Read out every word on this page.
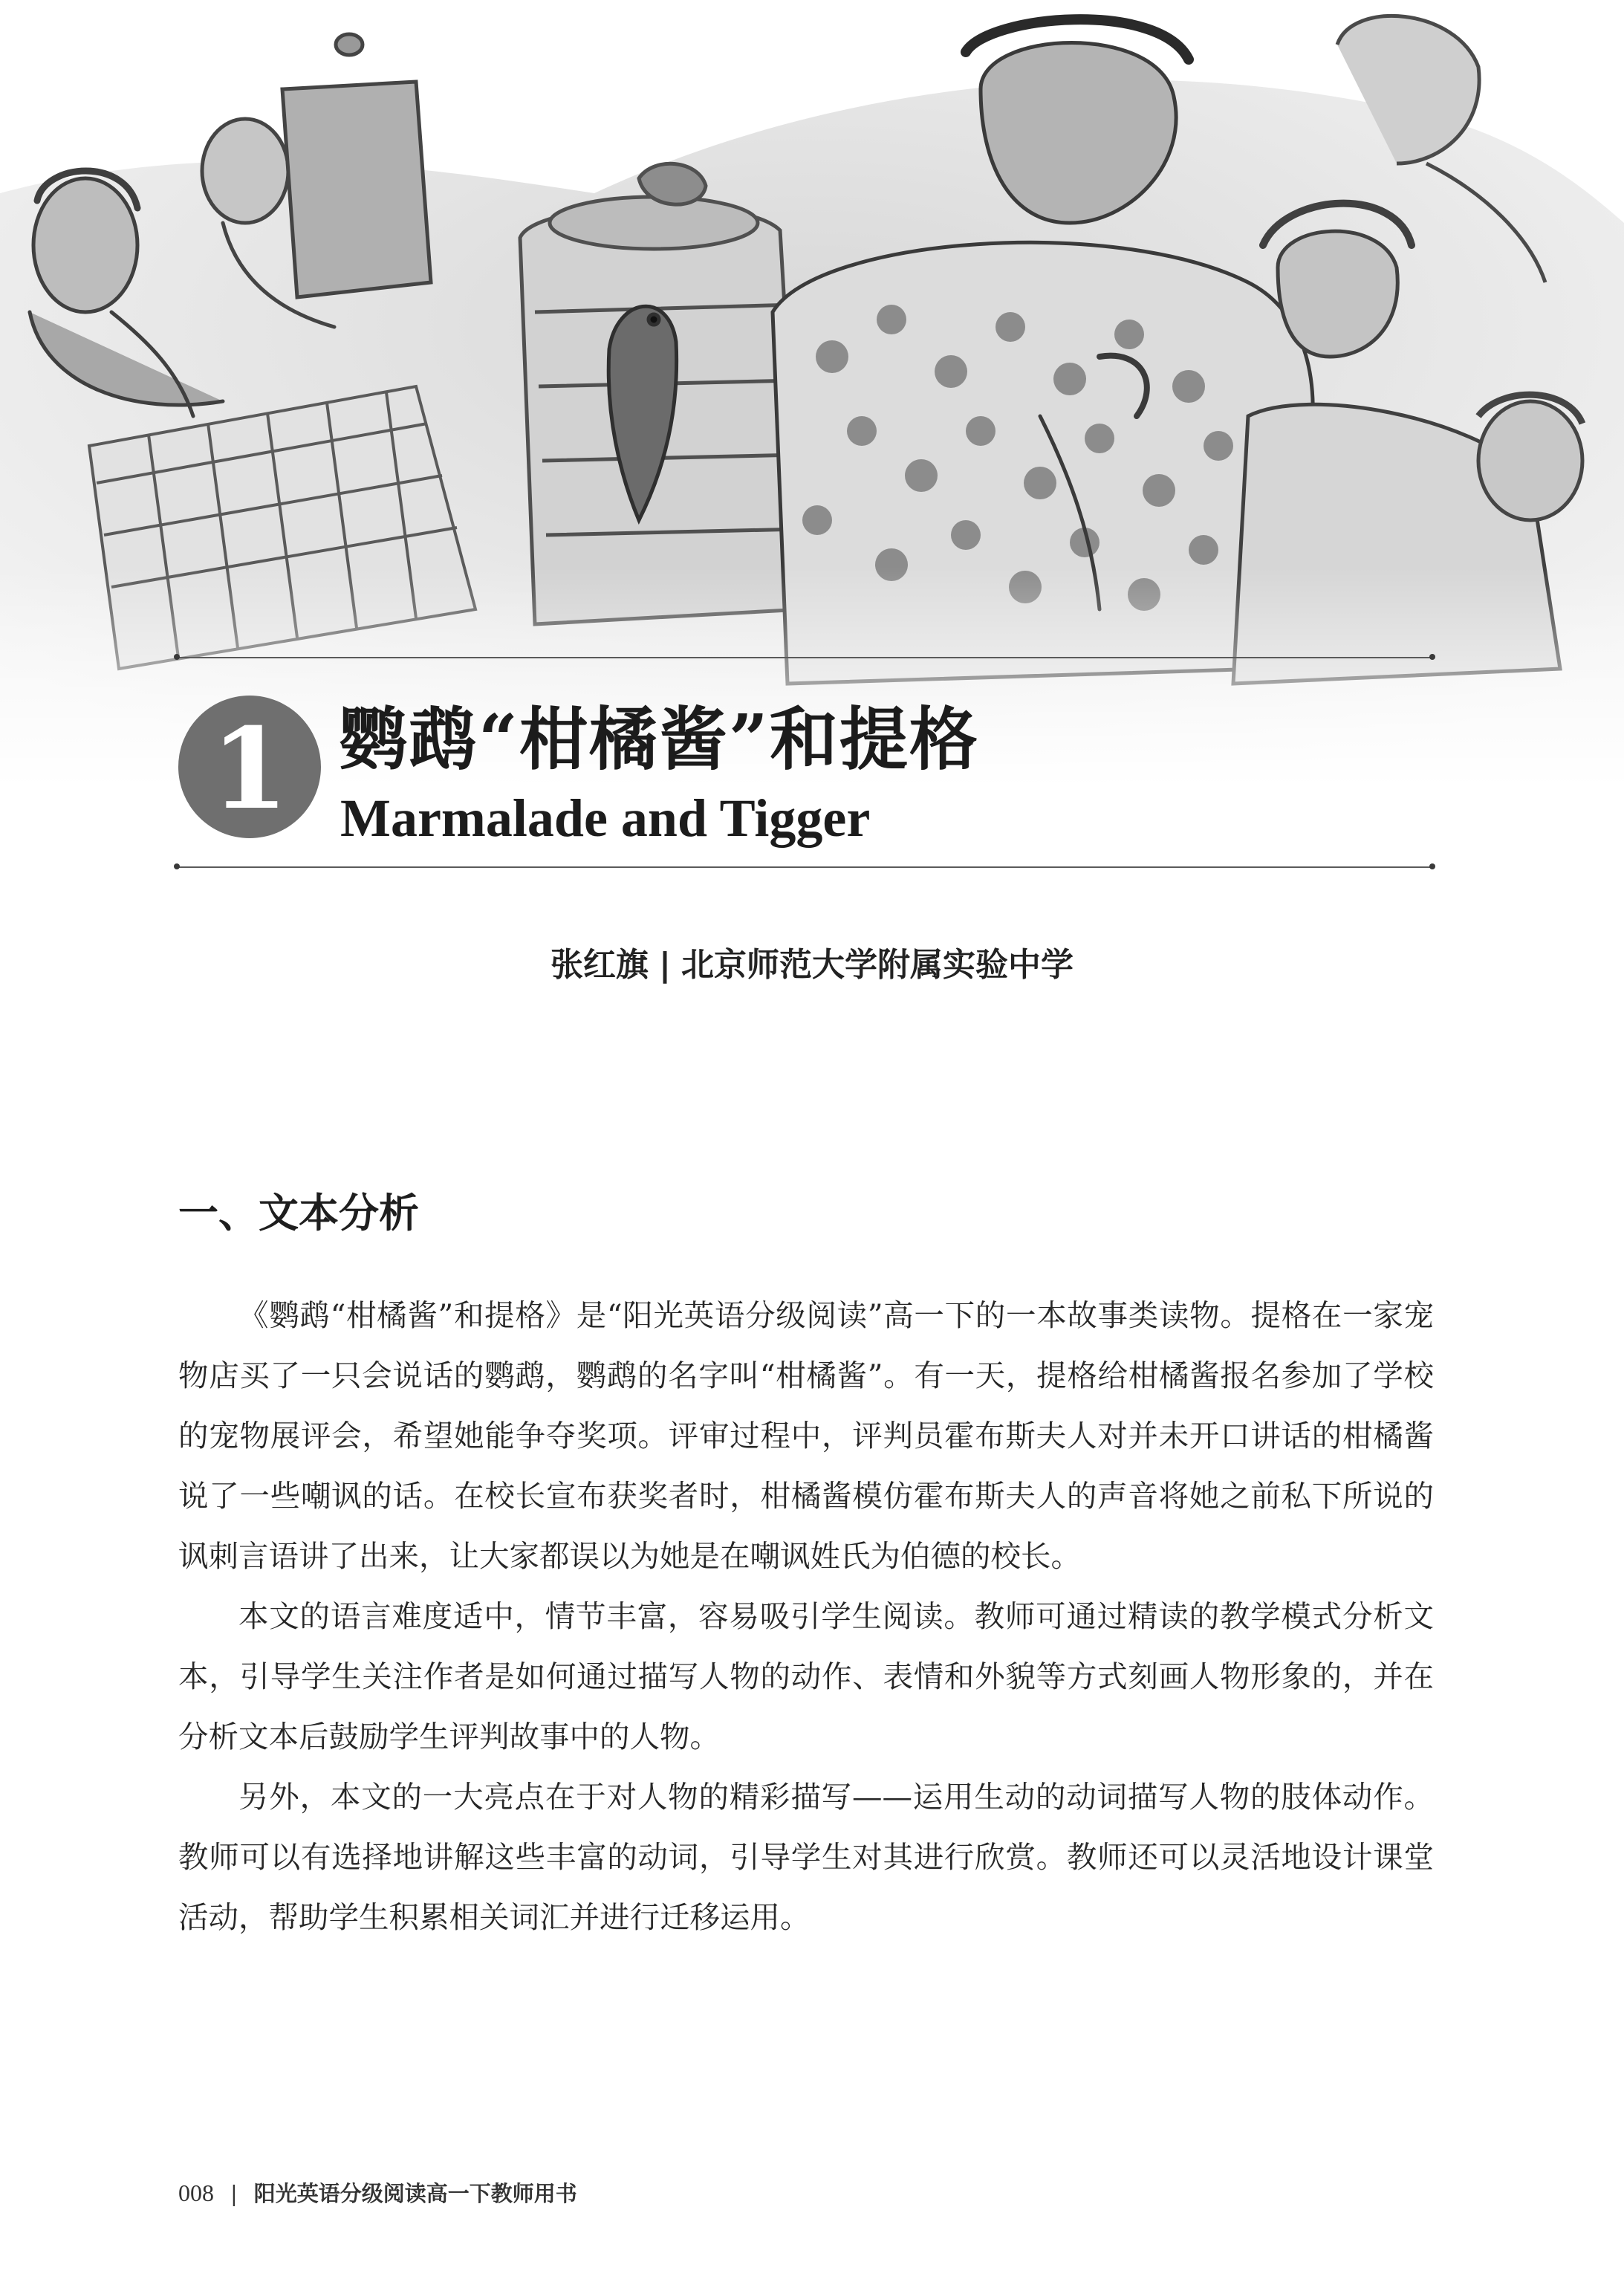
1 鹦鹉“柑橘酱”和提格
Marmalade and Tigger
张红旗 | 北京师范大学附属实验中学
一、文本分析

《鹦鹉“柑橘酱”和提格》是“阳光英语分级阅读”高一下的一本故事类读物。提格在一家宠物店买了一只会说话的鹦鹉，鹦鹉的名字叫“柑橘酱”。有一天，提格给柑橘酱报名参加了学校的宠物展评会，希望她能争夺奖项。评审过程中，评判员霍布斯夫人对并未开口讲话的柑橘酱说了一些嘲讽的话。在校长宣布获奖者时，柑橘酱模仿霍布斯夫人的声音将她之前私下所说的讽刺言语讲了出来，让大家都误以为她是在嘲讽姓氏为伯德的校长。

本文的语言难度适中，情节丰富，容易吸引学生阅读。教师可通过精读的教学模式分析文本，引导学生关注作者是如何通过描写人物的动作、表情和外貌等方式刻画人物形象的，并在分析文本后鼓励学生评判故事中的人物。

另外，本文的一大亮点在于对人物的精彩描写——运用生动的动词描写人物的肢体动作。教师可以有选择地讲解这些丰富的动词，引导学生对其进行欣赏。教师还可以灵活地设计课堂活动，帮助学生积累相关词汇并进行迁移运用。

008 | 阳光英语分级阅读高一下教师用书
